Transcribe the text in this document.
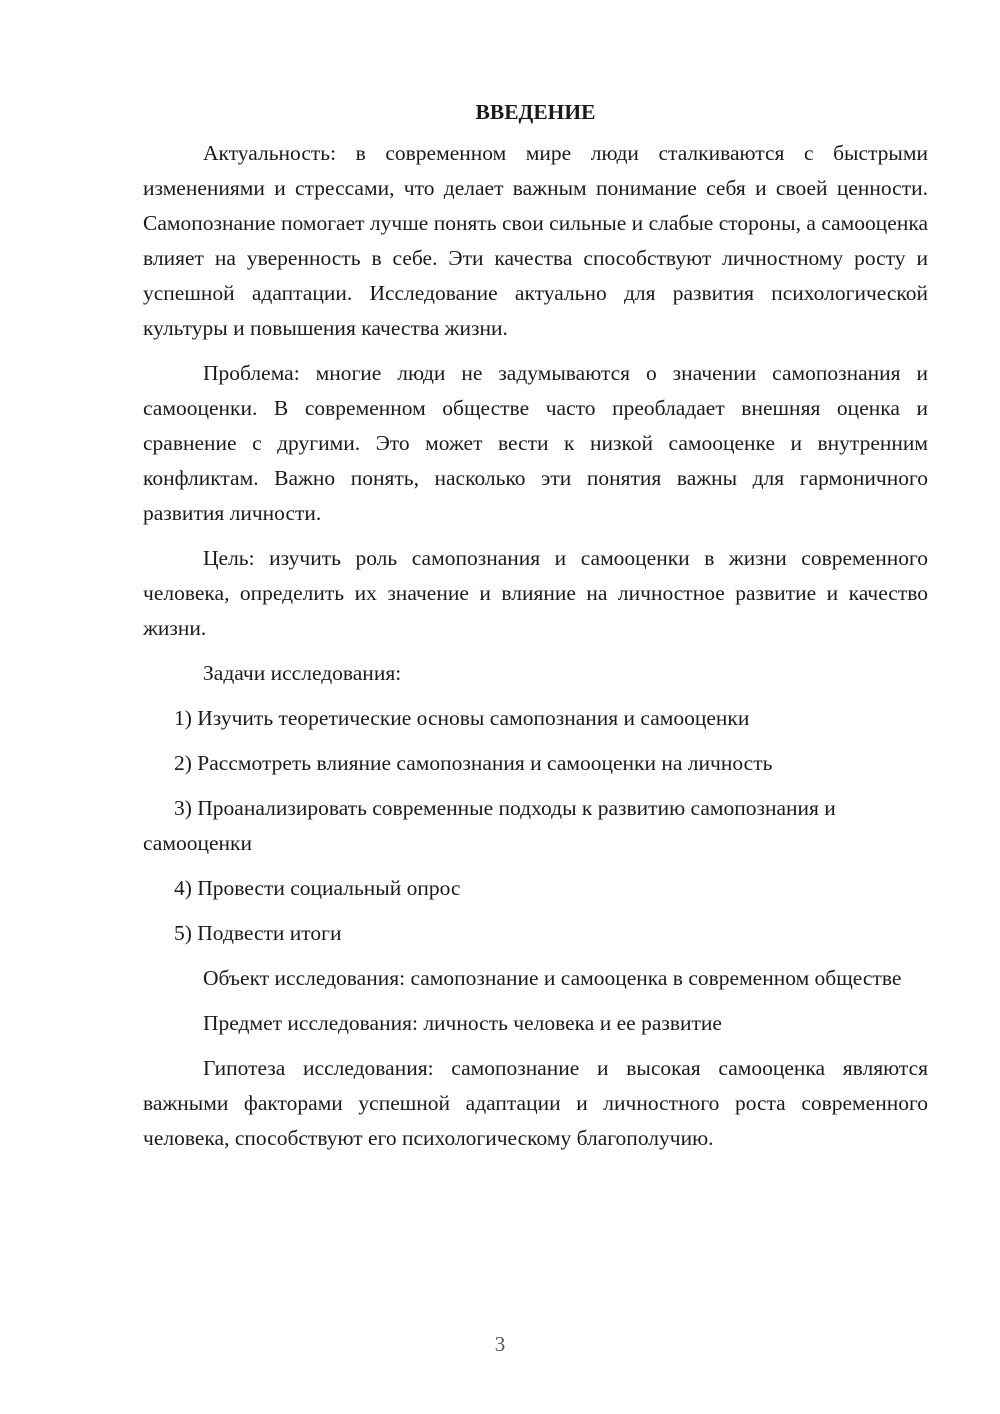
ВВЕДЕНИЕ

Актуальность: в современном мире люди сталкиваются с быстрыми изменениями и стрессами, что делает важным понимание себя и своей ценности. Самопознание помогает лучше понять свои сильные и слабые стороны, а самооценка влияет на уверенность в себе. Эти качества способствуют личностному росту и успешной адаптации. Исследование актуально для развития психологической культуры и повышения качества жизни.

Проблема: многие люди не задумываются о значении самопознания и самооценки. В современном обществе часто преобладает внешняя оценка и сравнение с другими. Это может вести к низкой самооценке и внутренним конфликтам. Важно понять, насколько эти понятия важны для гармоничного развития личности.

Цель: изучить роль самопознания и самооценки в жизни современного человека, определить их значение и влияние на личностное развитие и качество жизни.

Задачи исследования:

1) Изучить теоретические основы самопознания и самооценки

2) Рассмотреть влияние самопознания и самооценки на личность

3) Проанализировать современные подходы к развитию самопознания и самооценки

4) Провести социальный опрос

5) Подвести итоги

Объект исследования: самопознание и самооценка в современном обществе

Предмет исследования: личность человека и ее развитие

Гипотеза исследования: самопознание и высокая самооценка являются важными факторами успешной адаптации и личностного роста современного человека, способствуют его психологическому благополучию.

3
